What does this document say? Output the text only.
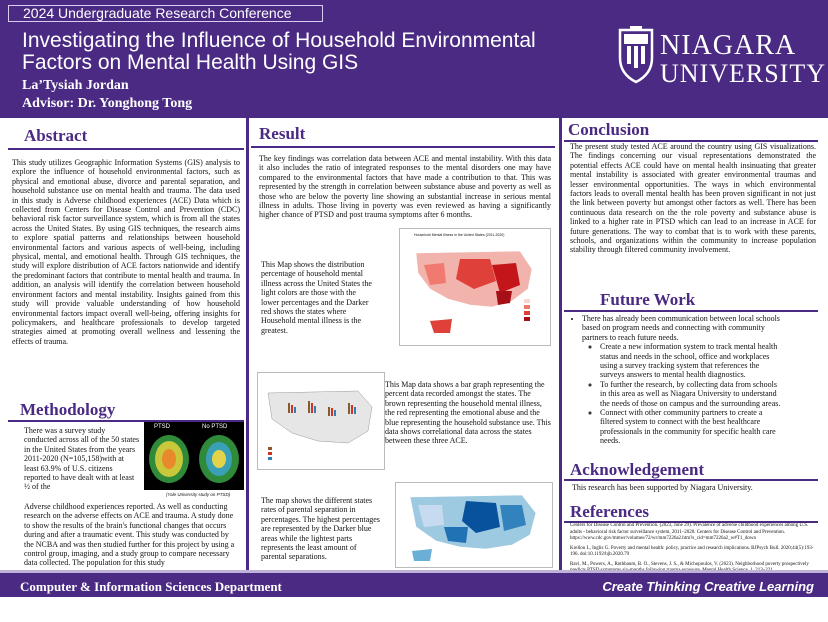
2024 Undergraduate Research Conference
Investigating the Influence of Household Environmental
Factors on Mental Health Using GIS
La’Tysiah Jordan
Advisor: Dr. Yonghong Tong
NIAGARA
UNIVERSITY
Abstract

This study utilizes Geographic Information Systems (GIS) analysis to explore the influence of household environmental factors, such as physical and emotional abuse, divorce and parental separation, and household substance use on mental health and trauma. The data used in this study is Adverse childhood experiences (ACE) Data which is collected from Centers for Disease Control and Prevention (CDC) behavioral risk factor surveillance system, which is from all the states across the United States. By using GIS techniques, the research aims to explore spatial patterns and relationships between household environmental factors and various aspects of well-being, including physical, mental, and emotional health. Through GIS techniques, the study will explore distribution of ACE factors nationwide and identify the predominant factors that contribute to mental health and trauma. In addition, an analysis will identify the correlation between household environment factors and mental instability. Insights gained from this study will provide valuable understanding of how household environmental factors impact overall well-being, offering insights for policymakers, and healthcare professionals to develop targeted strategies aimed at promoting overall wellness and lessening the effects of trauma.

Methodology

There was a survey study conducted across all of the 50 states in the United States from the years 2011-2020 (N=105,158)with at least 63.9% of U.S. citizens reported to have dealt with at least ½ of the

PTSD	No PTSD
(Yale University study on PTSD)

Adverse childhood experiences reported. As well as conducting research on the adverse effects on ACE and trauma. A study done to show the results of the brain's functional changes that occurs during and after a traumatic event. This study was conducted by the NCBA and was then studied further for this project by using a control group, imaging, and a study group to compare necessary data collected. The population for this study

Result

The key findings was correlation data between ACE and mental instability. With this data it also includes the ratio of integrated responses to the mental disorders one may have compared to the environmental factors that have made a contribution to that. This was represented by the strength in correlation between substance abuse and poverty as well as those who are below the poverty line showing an substantial increase in serious mental illness in adults. Those living in poverty was even reviewed as having a significantly higher chance of PTSD and post trauma symptoms after 6 months.

This Map shows the distribution percentage of household mental illness across the United States the light colors are those with the lower percentages and the Darker red shows the states where Household mental illness is the greatest.

Household Mental Illness in the United States (2011-2020)

This Map data shows a bar graph representing the percent data recorded amongst the states. The brown representing the household mental illness, the red representing the emotional abuse and the blue representing the household substance use. This data shows correlational data across the states between these three ACE.

The map shows the different states rates of parental separation in percentages. The highest percentages are represented by the Darker blue areas while the lightest parts represents the least amount of parental separations.

Conclusion

The present study tested ACE around the country using GIS visualizations. The findings concerning our visual representations demonstrated the potential effects ACE could have on mental health insinuating that greater mental instability is associated with greater environmental traumas and lesser environmental opportunities. The ways in which environmental factors leads to overall mental health has been proven significant in not just the link between poverty but amongst other factors as well. There has been continuous data research on the the role poverty and substance abuse is linked to a higher rate in PTSD which can lead to an increase in ACE for future generations. The way to combat that is to work with these parents, schools, and organizations within the community to increase population stability through filtered community involvement.

Future Work
• There has already been communication between local schools based on program needs and connecting with community partners to reach future needs.
◦ Create a new information system to track mental health status and needs in the school, office and workplaces using a survey tracking system that references the surveys answers to mental health diagnostics.
◦ To further the research, by collecting data from schools in this area as well as Niagara University to understand the needs of those on campus and the surrounding areas.
◦ Connect with other community partners to create a filtered system to connect with the best healthcare professionals in the community for specific health care needs.
Acknowledgement

This research has been supported by Niagara University.

References

Centers for Disease Control and Prevention. (2023, June 29). Prevalence of adverse childhood experiences among U.S. adults - behavioral risk factor surveillance system, 2011–2020. Centers for Disease Control and Prevention. https://www.cdc.gov/mmwr/volumes/72/wr/mm7226a2.htm?s_cid=mm7226a2_w#T1_down

Krellon L, Inglis G. Poverty and mental health: policy, practice and research implications. BJPsych Bull. 2020;44(5):193-196. doi:10.1192/bjb.2020.79

Ravi, M., Powers, A., Rothbaum, B. O., Stevens, J. S., & Michopoulos, V. (2023). Neighborhood poverty prospectively

Computer & Information Sciences Department	Create Thinking Creative Learning
